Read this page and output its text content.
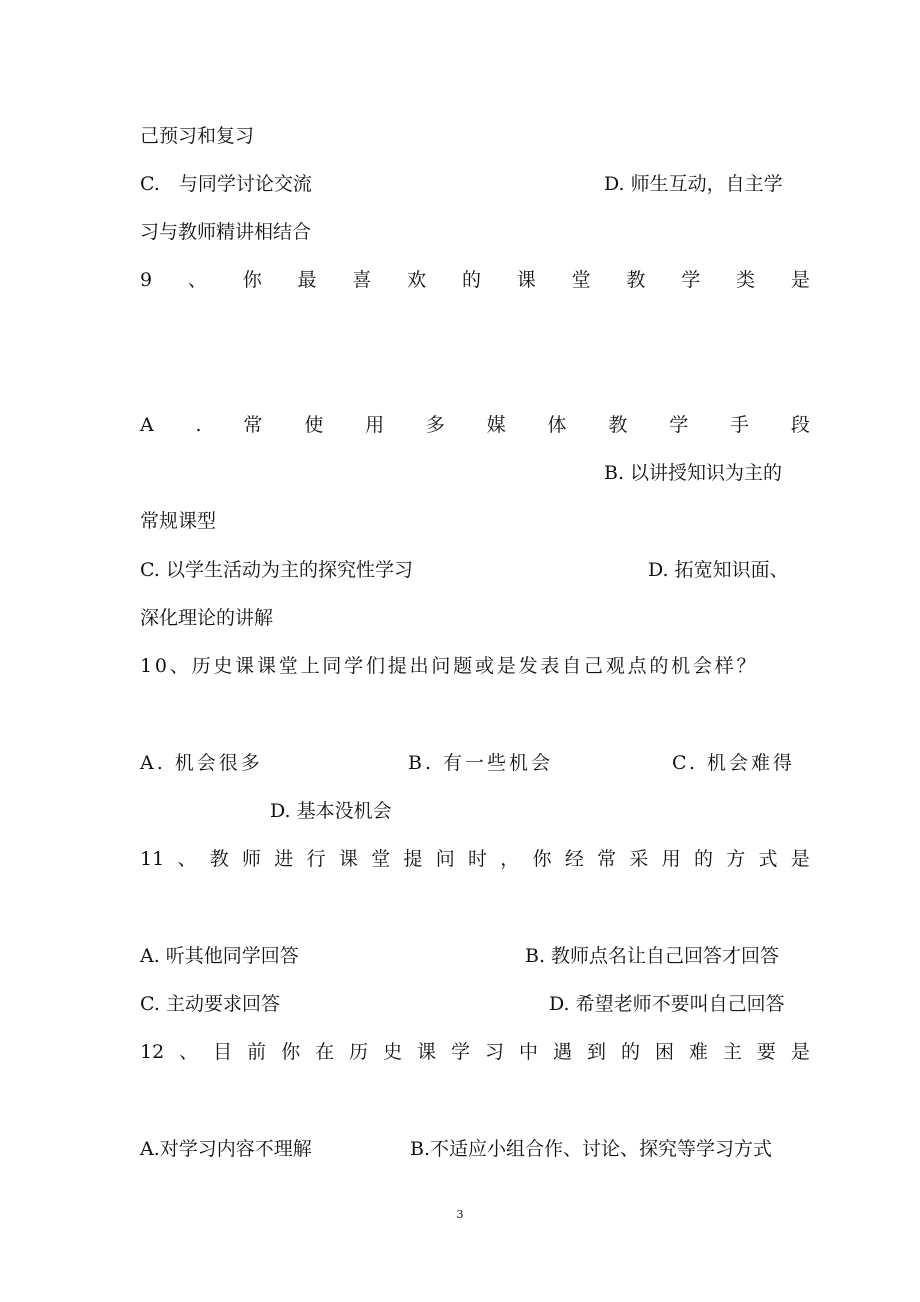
己预习和复习
C.　与同学讨论交流	D. 师生互动，自主学
习与教师精讲相结合
9 、 你 最 喜 欢 的 课 堂 教 学 类 是
A . 常 使 用 多 媒 体 教 学 手 段
B. 以讲授知识为主的
常规课型
C. 以学生活动为主的探究性学习	D. 拓宽知识面、
深化理论的讲解
10、历史课课堂上同学们提出问题或是发表自己观点的机会样？
A. 机会很多	B. 有一些机会	C. 机会难得
D. 基本没机会
11 、 教 师 进 行 课 堂 提 问 时 ， 你 经 常 采 用 的 方 式 是
A. 听其他同学回答	B. 教师点名让自己回答才回答
C. 主动要求回答	D. 希望老师不要叫自己回答
12 、 目 前 你 在 历 史 课 学 习 中 遇 到 的 困 难 主 要 是
A.对学习内容不理解	B.不适应小组合作、讨论、探究等学习方式
3
